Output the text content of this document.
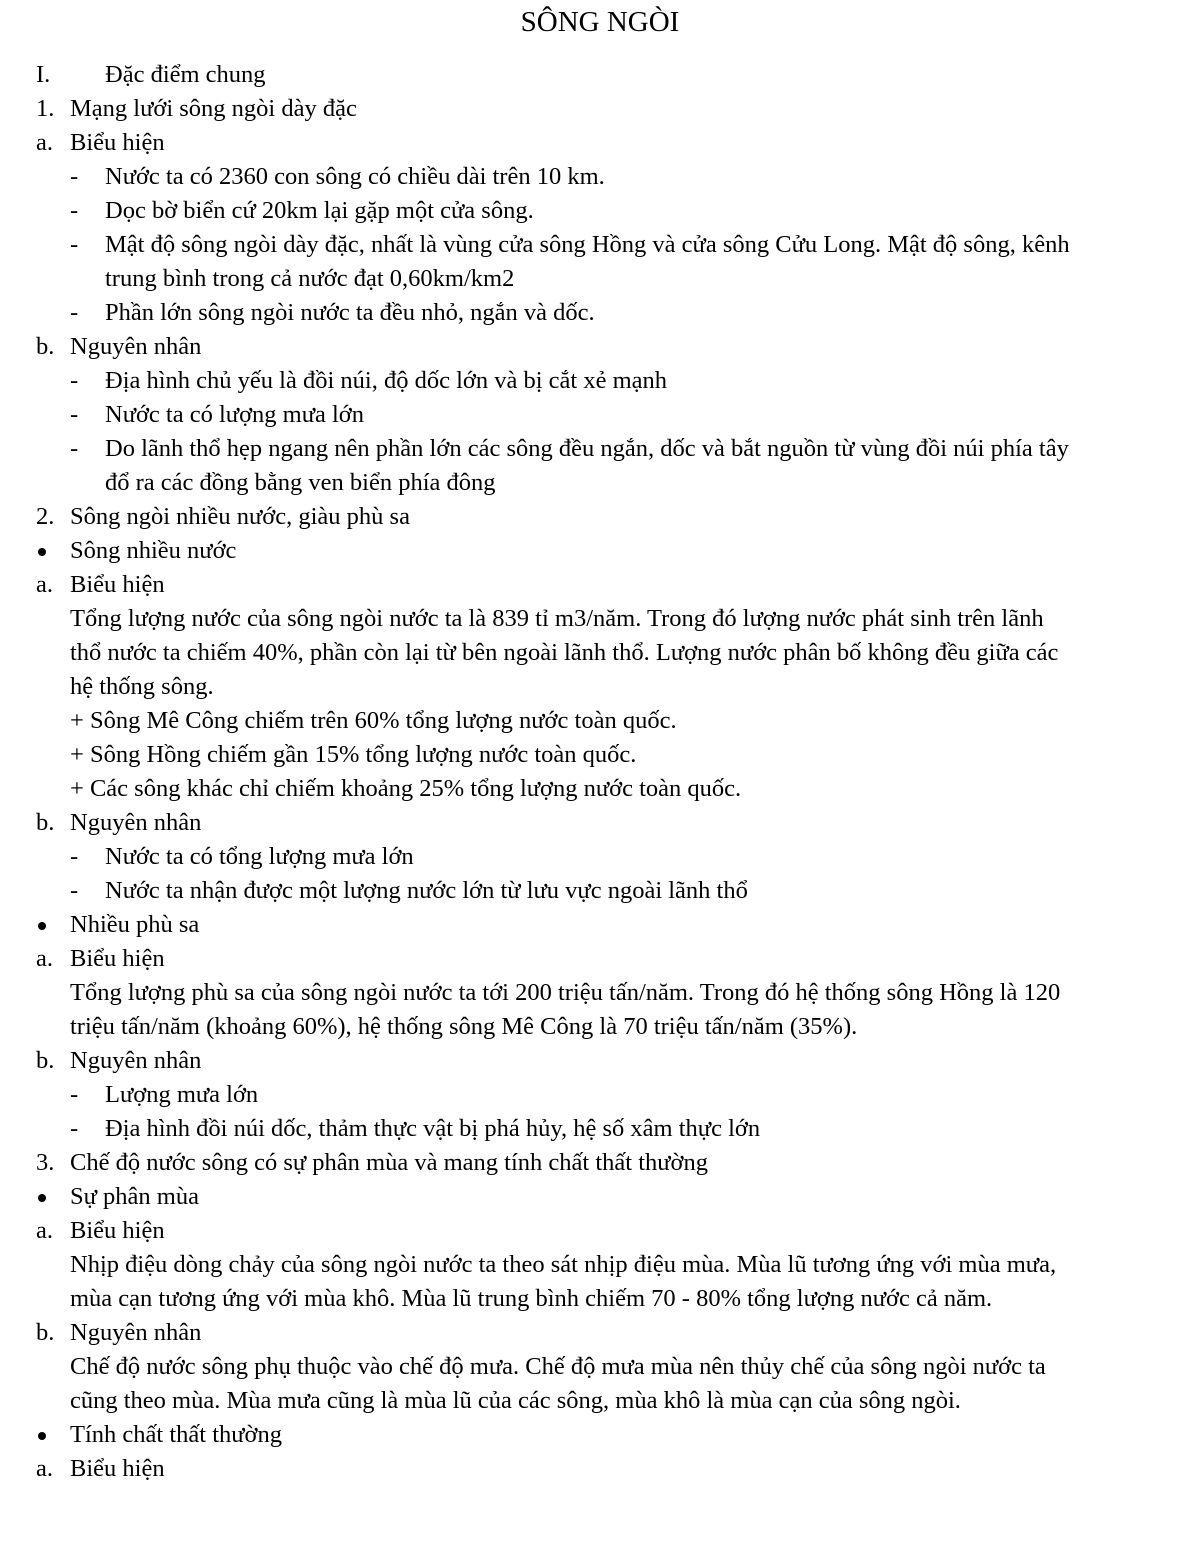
SÔNG NGÒI
I. Đặc điểm chung
1. Mạng lưới sông ngòi dày đặc
a. Biểu hiện
- Nước ta có 2360 con sông có chiều dài trên 10 km.
- Dọc bờ biển cứ 20km lại gặp một cửa sông.
- Mật độ sông ngòi dày đặc, nhất là vùng cửa sông Hồng và cửa sông Cửu Long. Mật độ sông, kênh
trung bình trong cả nước đạt 0,60km/km2
- Phần lớn sông ngòi nước ta đều nhỏ, ngắn và dốc.
b. Nguyên nhân
- Địa hình chủ yếu là đồi núi, độ dốc lớn và bị cắt xẻ mạnh
- Nước ta có lượng mưa lớn
- Do lãnh thổ hẹp ngang nên phần lớn các sông đều ngắn, dốc và bắt nguồn từ vùng đồi núi phía tây
đổ ra các đồng bằng ven biển phía đông
2. Sông ngòi nhiều nước, giàu phù sa
Sông nhiều nước
a. Biểu hiện
Tổng lượng nước của sông ngòi nước ta là 839 tỉ m3/năm. Trong đó lượng nước phát sinh trên lãnh
thổ nước ta chiếm 40%, phần còn lại từ bên ngoài lãnh thổ. Lượng nước phân bố không đều giữa các
hệ thống sông.
+ Sông Mê Công chiếm trên 60% tổng lượng nước toàn quốc.
+ Sông Hồng chiếm gần 15% tổng lượng nước toàn quốc.
+ Các sông khác chỉ chiếm khoảng 25% tổng lượng nước toàn quốc.
b. Nguyên nhân
- Nước ta có tổng lượng mưa lớn
- Nước ta nhận được một lượng nước lớn từ lưu vực ngoài lãnh thổ
Nhiều phù sa
a. Biểu hiện
Tổng lượng phù sa của sông ngòi nước ta tới 200 triệu tấn/năm. Trong đó hệ thống sông Hồng là 120
triệu tấn/năm (khoảng 60%), hệ thống sông Mê Công là 70 triệu tấn/năm (35%).
b. Nguyên nhân
- Lượng mưa lớn
- Địa hình đồi núi dốc, thảm thực vật bị phá hủy, hệ số xâm thực lớn
3. Chế độ nước sông có sự phân mùa và mang tính chất thất thường
Sự phân mùa
a. Biểu hiện
Nhịp điệu dòng chảy của sông ngòi nước ta theo sát nhịp điệu mùa. Mùa lũ tương ứng với mùa mưa,
mùa cạn tương ứng với mùa khô. Mùa lũ trung bình chiếm 70 - 80% tổng lượng nước cả năm.
b. Nguyên nhân
Chế độ nước sông phụ thuộc vào chế độ mưa. Chế độ mưa mùa nên thủy chế của sông ngòi nước ta
cũng theo mùa. Mùa mưa cũng là mùa lũ của các sông, mùa khô là mùa cạn của sông ngòi.
Tính chất thất thường
a. Biểu hiện
